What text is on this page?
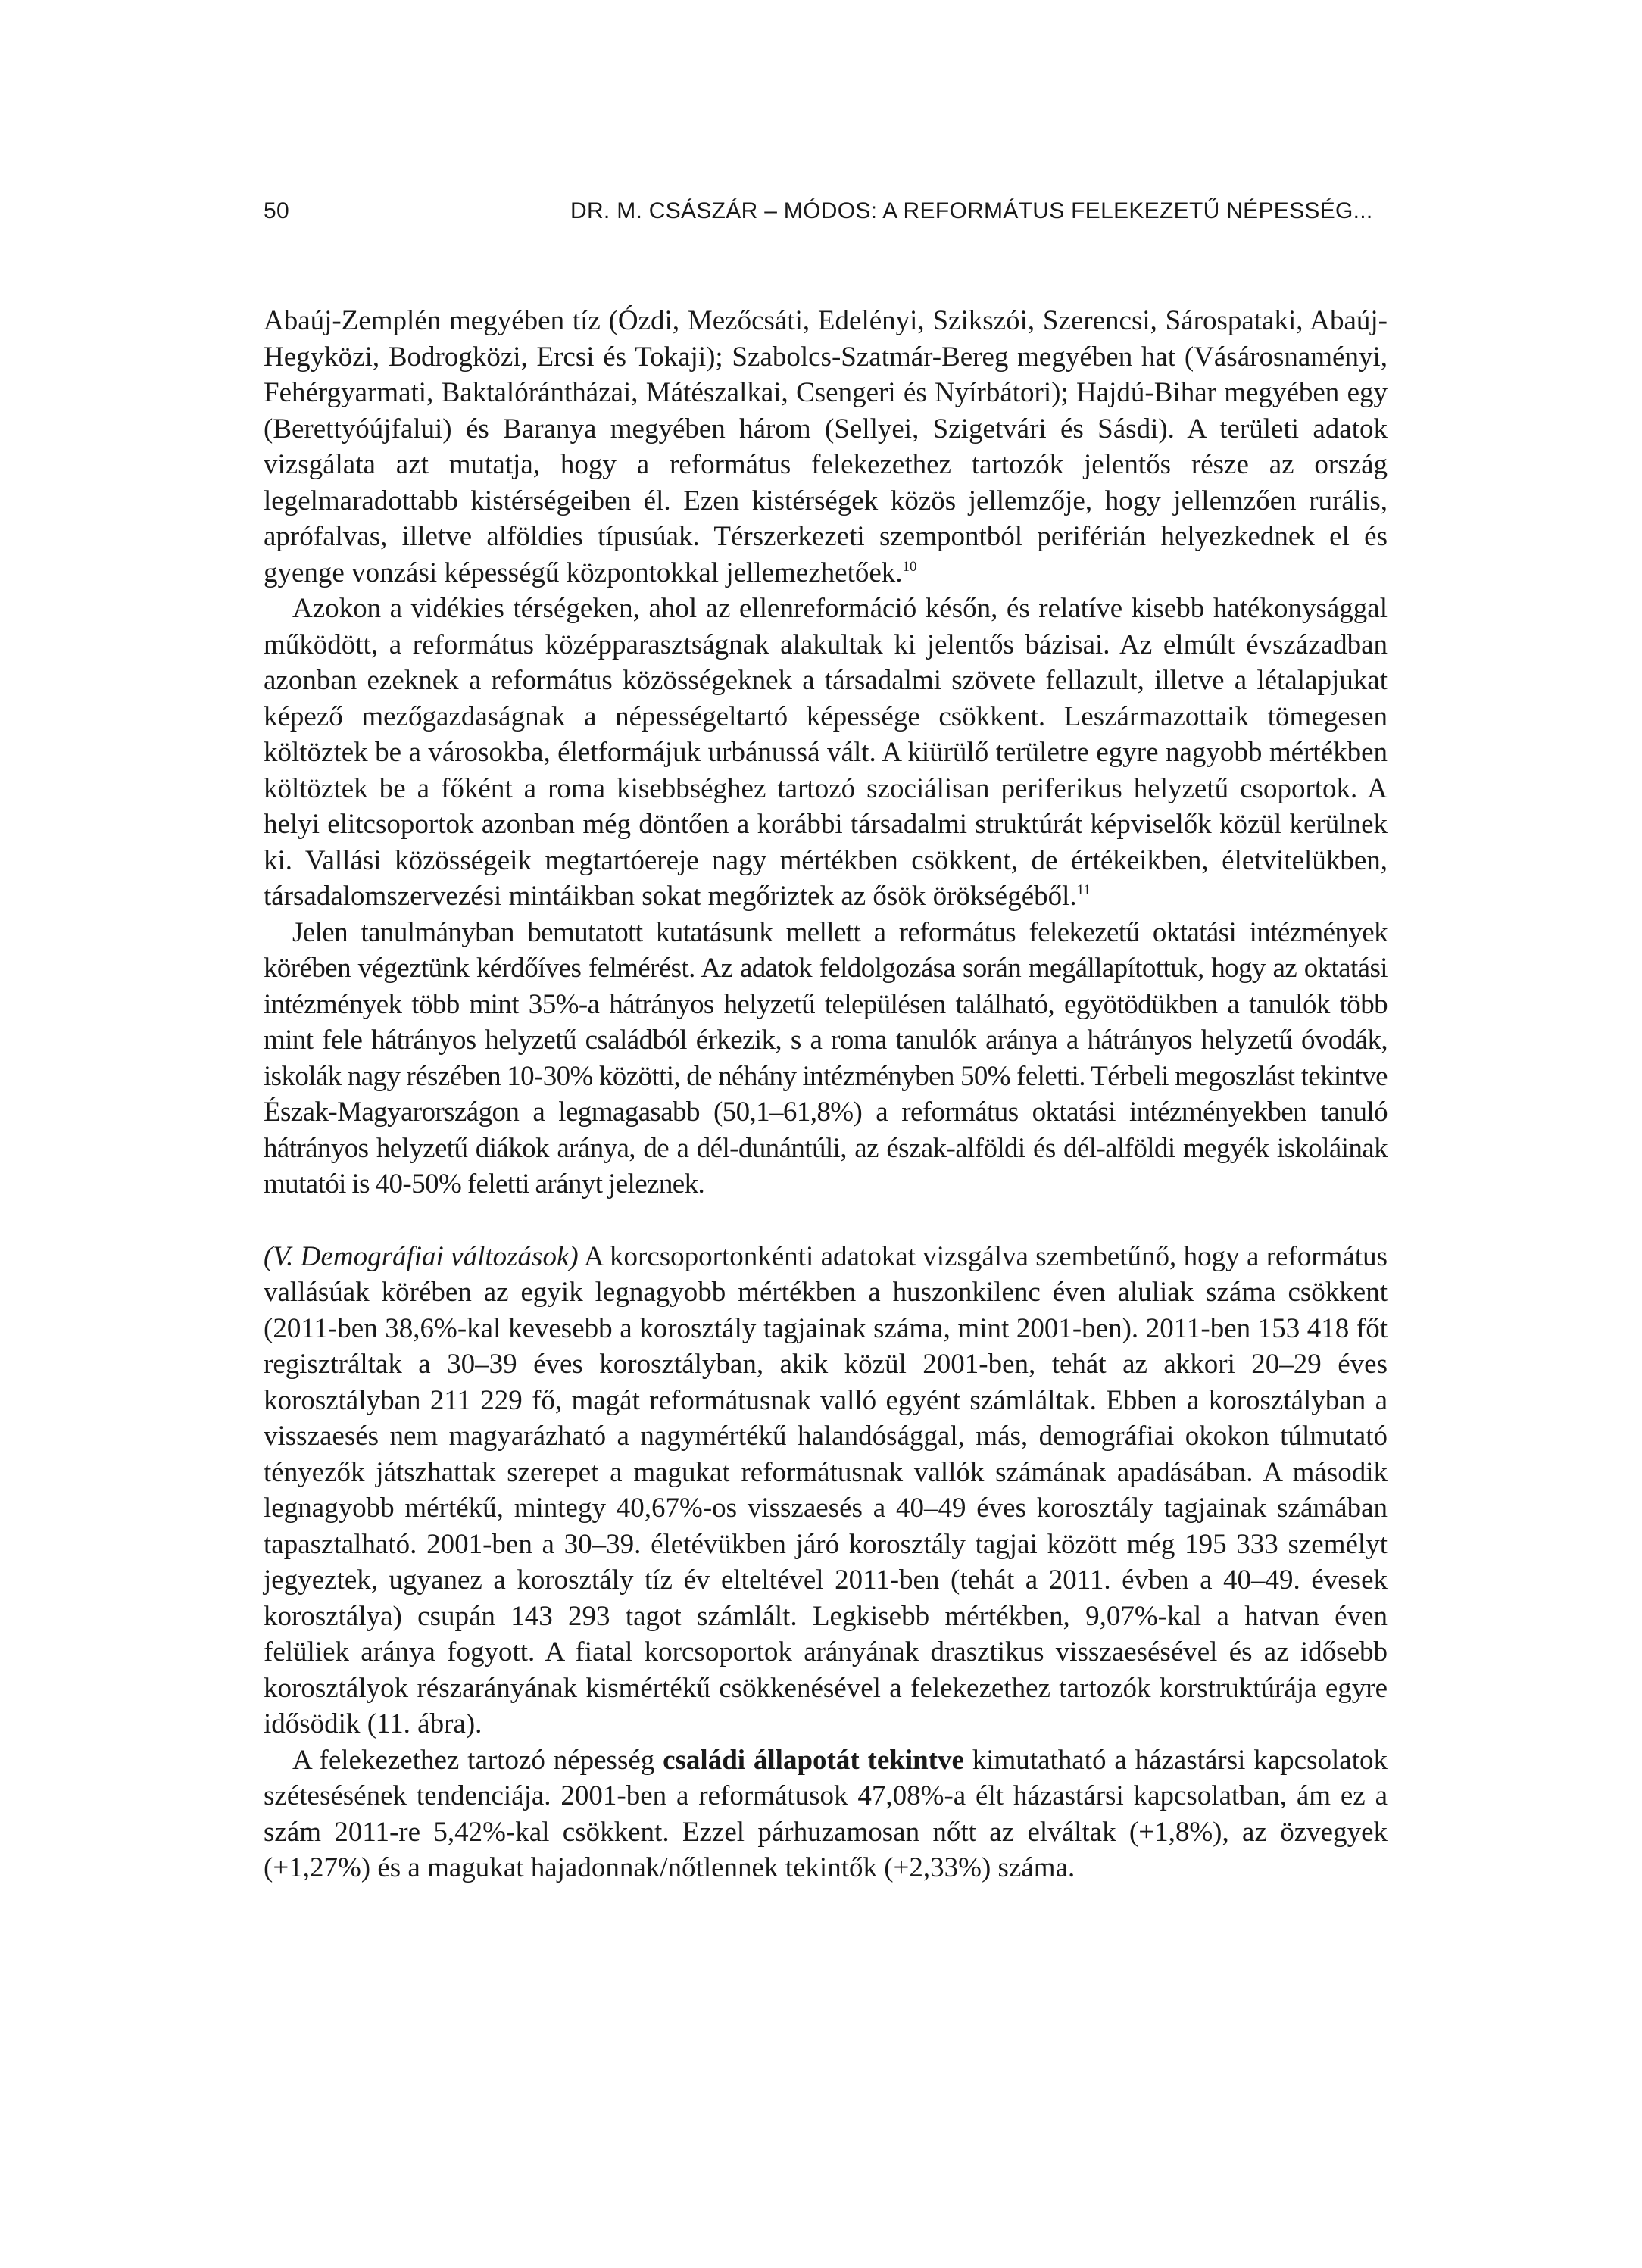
50	DR. M. CSÁSZÁR – MÓDOS: A REFORMÁTUS FELEKEZETŰ NÉPESSÉG...

Abaúj-Zemplén megyében tíz (Ózdi, Mezőcsáti, Edelényi, Szikszói, Szerencsi, Sárospataki, Abaúj-Hegyközi, Bodrogközi, Ercsi és Tokaji); Szabolcs-Szatmár-Bereg megyében hat (Vásárosnaményi, Fehérgyarmati, Baktalórántházai, Mátészalkai, Csengeri és Nyírbátori); Hajdú-Bihar megyében egy (Berettyóújfalui) és Baranya megyében három (Sellyei, Szigetvári és Sásdi). A területi adatok vizsgálata azt mutatja, hogy a református felekezethez tartozók jelentős része az ország legelmaradottabb kistérségeiben él. Ezen kistérségek közös jellemzője, hogy jellemzően rurális, aprófalvas, illetve alföldies típusúak. Térszerkezeti szempontból periférián helyezkednek el és gyenge vonzási képességű központokkal jellemezhetőek.$^{10}$

Azokon a vidékies térségeken, ahol az ellenreformáció későn, és relatíve kisebb hatékonysággal működött, a református középparasztságnak alakultak ki jelentős bázisai. Az elmúlt évszázadban azonban ezeknek a református közösségeknek a társadalmi szövete fellazult, illetve a létalapjukat képező mezőgazdaságnak a népességeltartó képessége csökkent. Leszármazottaik tömegesen költöztek be a városokba, életformájuk urbánussá vált. A kiürülő területre egyre nagyobb mértékben költöztek be a főként a roma kisebbséghez tartozó szociálisan periferikus helyzetű csoportok. A helyi elitcsoportok azonban még döntően a korábbi társadalmi struktúrát képviselők közül kerülnek ki. Vallási közösségeik megtartóereje nagy mértékben csökkent, de értékeikben, életvitelükben, társadalomszervezési mintáikban sokat megőriztek az ősök örökségéből.$^{11}$

Jelen tanulmányban bemutatott kutatásunk mellett a református felekezetű oktatási intézmények körében végeztünk kérdőíves felmérést. Az adatok feldolgozása során megállapítottuk, hogy az oktatási intézmények több mint 35%-a hátrányos helyzetű településen található, egyötödükben a tanulók több mint fele hátrányos helyzetű családból érkezik, s a roma tanulók aránya a hátrányos helyzetű óvodák, iskolák nagy részében 10-30% közötti, de néhány intézményben 50% feletti. Térbeli megoszlást tekintve Észak-Magyarországon a legmagasabb (50,1–61,8%) a református oktatási intézményekben tanuló hátrányos helyzetű diákok aránya, de a dél-dunántúli, az észak-alföldi és dél-alföldi megyék iskoláinak mutatói is 40-50% feletti arányt jeleznek.

(V. Demográfiai változások) A korcsoportonkénti adatokat vizsgálva szembetűnő, hogy a református vallásúak körében az egyik legnagyobb mértékben a huszonkilenc éven aluliak száma csökkent (2011-ben 38,6%-kal kevesebb a korosztály tagjainak száma, mint 2001-ben). 2011-ben 153 418 főt regisztráltak a 30–39 éves korosztályban, akik közül 2001-ben, tehát az akkori 20–29 éves korosztályban 211 229 fő, magát reformátusnak valló egyént számláltak. Ebben a korosztályban a visszaesés nem magyarázható a nagymértékű halandósággal, más, demográfiai okokon túlmutató tényezők játszhattak szerepet a magukat reformátusnak vallók számának apadásában. A második legnagyobb mértékű, mintegy 40,67%-os visszaesés a 40–49 éves korosztály tagjainak számában tapasztalható. 2001-ben a 30–39. életévükben járó korosztály tagjai között még 195 333 személyt jegyeztek, ugyanez a korosztály tíz év elteltével 2011-ben (tehát a 2011. évben a 40–49. évesek korosztálya) csupán 143 293 tagot számlált. Legkisebb mértékben, 9,07%-kal a hatvan éven felüliek aránya fogyott. A fiatal korcsoportok arányának drasztikus visszaesésével és az idősebb korosztályok részarányának kismértékű csökkenésével a felekezethez tartozók korstruktúrája egyre idősödik (11. ábra).

A felekezethez tartozó népesség családi állapotát tekintve kimutatható a házastársi kapcsolatok szétesésének tendenciája. 2001-ben a reformátusok 47,08%-a élt házastársi kapcsolatban, ám ez a szám 2011-re 5,42%-kal csökkent. Ezzel párhuzamosan nőtt az elváltak (+1,8%), az özvegyek (+1,27%) és a magukat hajadonnak/nőtlennek tekintők (+2,33%) száma.
